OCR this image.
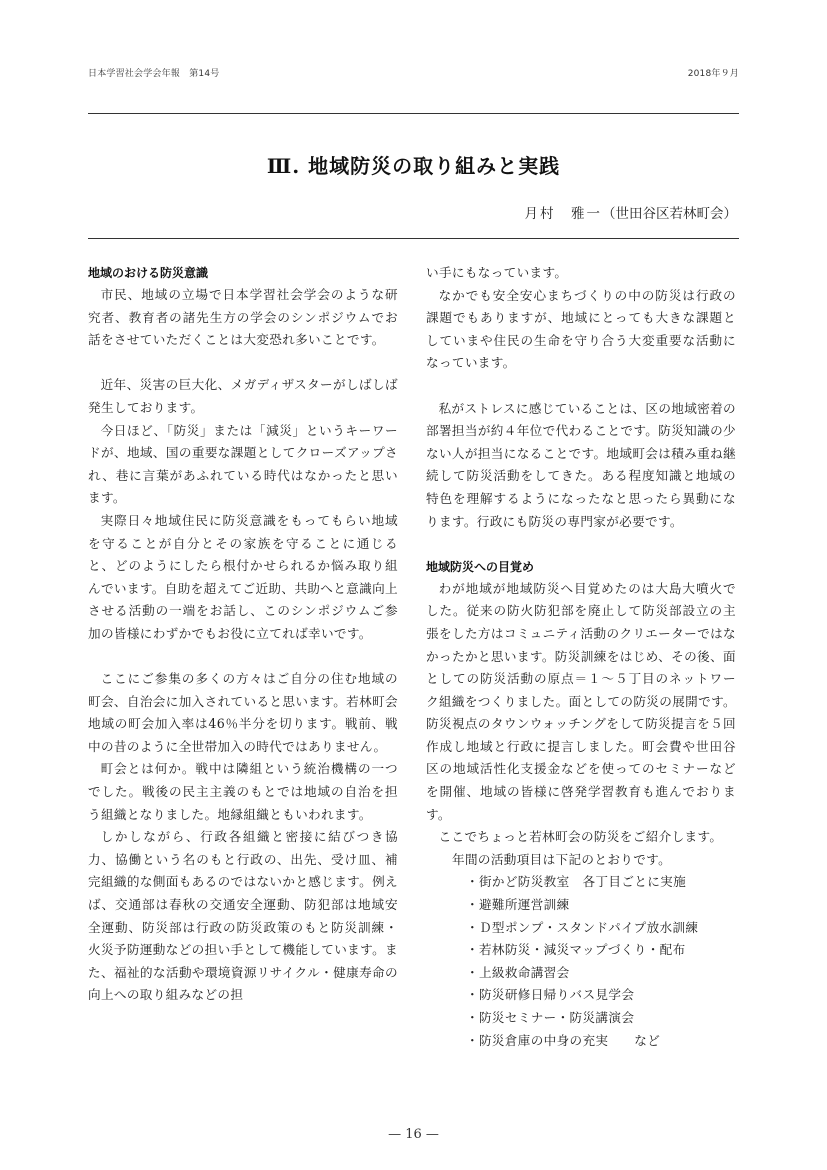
日本学習社会学会年報　第14号	2018年９月
Ⅲ. 地域防災の取り組みと実践
月村　雅一（世田谷区若林町会）
地域のおける防災意識

市民、地域の立場で日本学習社会学会のような研究者、教育者の諸先生方の学会のシンポジウムでお話をさせていただくことは大変恐れ多いことです。

近年、災害の巨大化、メガディザスターがしばしば発生しております。

今日ほど、「防災」または「減災」というキーワードが、地域、国の重要な課題としてクローズアップされ、巷に言葉があふれている時代はなかったと思います。

実際日々地域住民に防災意識をもってもらい地域を守ることが自分とその家族を守ることに通じると、どのようにしたら根付かせられるか悩み取り組んでいます。自助を超えてご近助、共助へと意識向上させる活動の一端をお話し、このシンポジウムご参加の皆様にわずかでもお役に立てれば幸いです。

ここにご参集の多くの方々はご自分の住む地域の町会、自治会に加入されていると思います。若林町会地域の町会加入率は46％半分を切ります。戦前、戦中の昔のように全世帯加入の時代ではありません。

町会とは何か。戦中は隣組という統治機構の一つでした。戦後の民主主義のもとでは地域の自治を担う組織となりました。地縁組織ともいわれます。

しかしながら、行政各組織と密接に結びつき協力、協働という名のもと行政の、出先、受け皿、補完組織的な側面もあるのではないかと感じます。例えば、交通部は春秋の交通安全運動、防犯部は地域安全運動、防災部は行政の防災政策のもと防災訓練・火災予防運動などの担い手として機能しています。また、福祉的な活動や環境資源リサイクル・健康寿命の向上への取り組みなどの担

い手にもなっています。

なかでも安全安心まちづくりの中の防災は行政の課題でもありますが、地域にとっても大きな課題としていまや住民の生命を守り合う大変重要な活動になっています。

私がストレスに感じていることは、区の地域密着の部署担当が約４年位で代わることです。防災知識の少ない人が担当になることです。地域町会は積み重ね継続して防災活動をしてきた。ある程度知識と地域の特色を理解するようになったなと思ったら異動になります。行政にも防災の専門家が必要です。

地域防災への目覚め

わが地域が地域防災へ目覚めたのは大島大噴火でした。従来の防火防犯部を廃止して防災部設立の主張をした方はコミュニティ活動のクリエーターではなかったかと思います。防災訓練をはじめ、その後、面としての防災活動の原点＝１〜５丁目のネットワーク組織をつくりました。面としての防災の展開です。防災視点のタウンウォッチングをして防災提言を５回作成し地域と行政に提言しました。町会費や世田谷区の地域活性化支援金などを使ってのセミナーなどを開催、地域の皆様に啓発学習教育も進んでおります。

ここでちょっと若林町会の防災をご紹介します。

年間の活動項目は下記のとおりです。
・街かど防災教室　各丁目ごとに実施
・避難所運営訓練
・Ｄ型ポンプ・スタンドパイプ放水訓練
・若林防災・減災マップづくり・配布
・上級救命講習会
・防災研修日帰りバス見学会
・防災セミナー・防災講演会
・防災倉庫の中身の充実　　など
— 16 —
